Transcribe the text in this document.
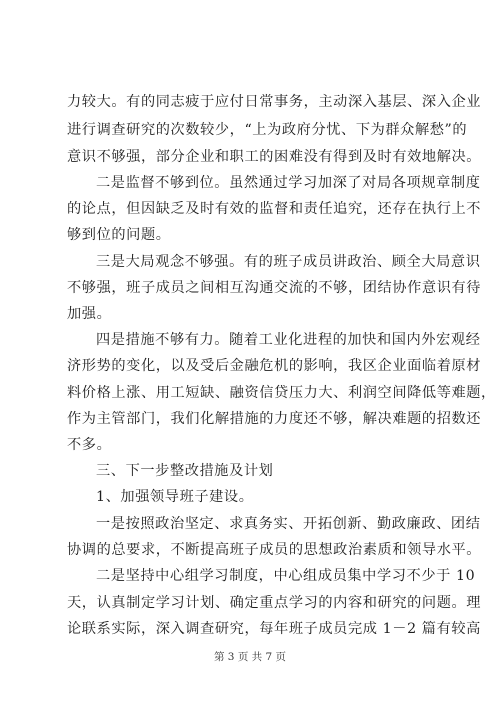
力较大。有的同志疲于应付日常事务，主动深入基层、深入企业
进行调查研究的次数较少，“上为政府分忧、下为群众解愁”的
意识不够强，部分企业和职工的困难没有得到及时有效地解决。
二是监督不够到位。虽然通过学习加深了对局各项规章制度
的论点，但因缺乏及时有效的监督和责任追究，还存在执行上不
够到位的问题。
三是大局观念不够强。有的班子成员讲政治、顾全大局意识
不够强，班子成员之间相互沟通交流的不够，团结协作意识有待
加强。
四是措施不够有力。随着工业化进程的加快和国内外宏观经
济形势的变化，以及受后金融危机的影响，我区企业面临着原材
料价格上涨、用工短缺、融资信贷压力大、利润空间降低等难题，
作为主管部门，我们化解措施的力度还不够，解决难题的招数还
不多。
三、下一步整改措施及计划
1、加强领导班子建设。
一是按照政治坚定、求真务实、开拓创新、勤政廉政、团结
协调的总要求，不断提高班子成员的思想政治素质和领导水平。
二是坚持中心组学习制度，中心组成员集中学习不少于 10
天，认真制定学习计划、确定重点学习的内容和研究的问题。理
论联系实际，深入调查研究，每年班子成员完成 1－2 篇有较高
第 3 页 共 7 页
